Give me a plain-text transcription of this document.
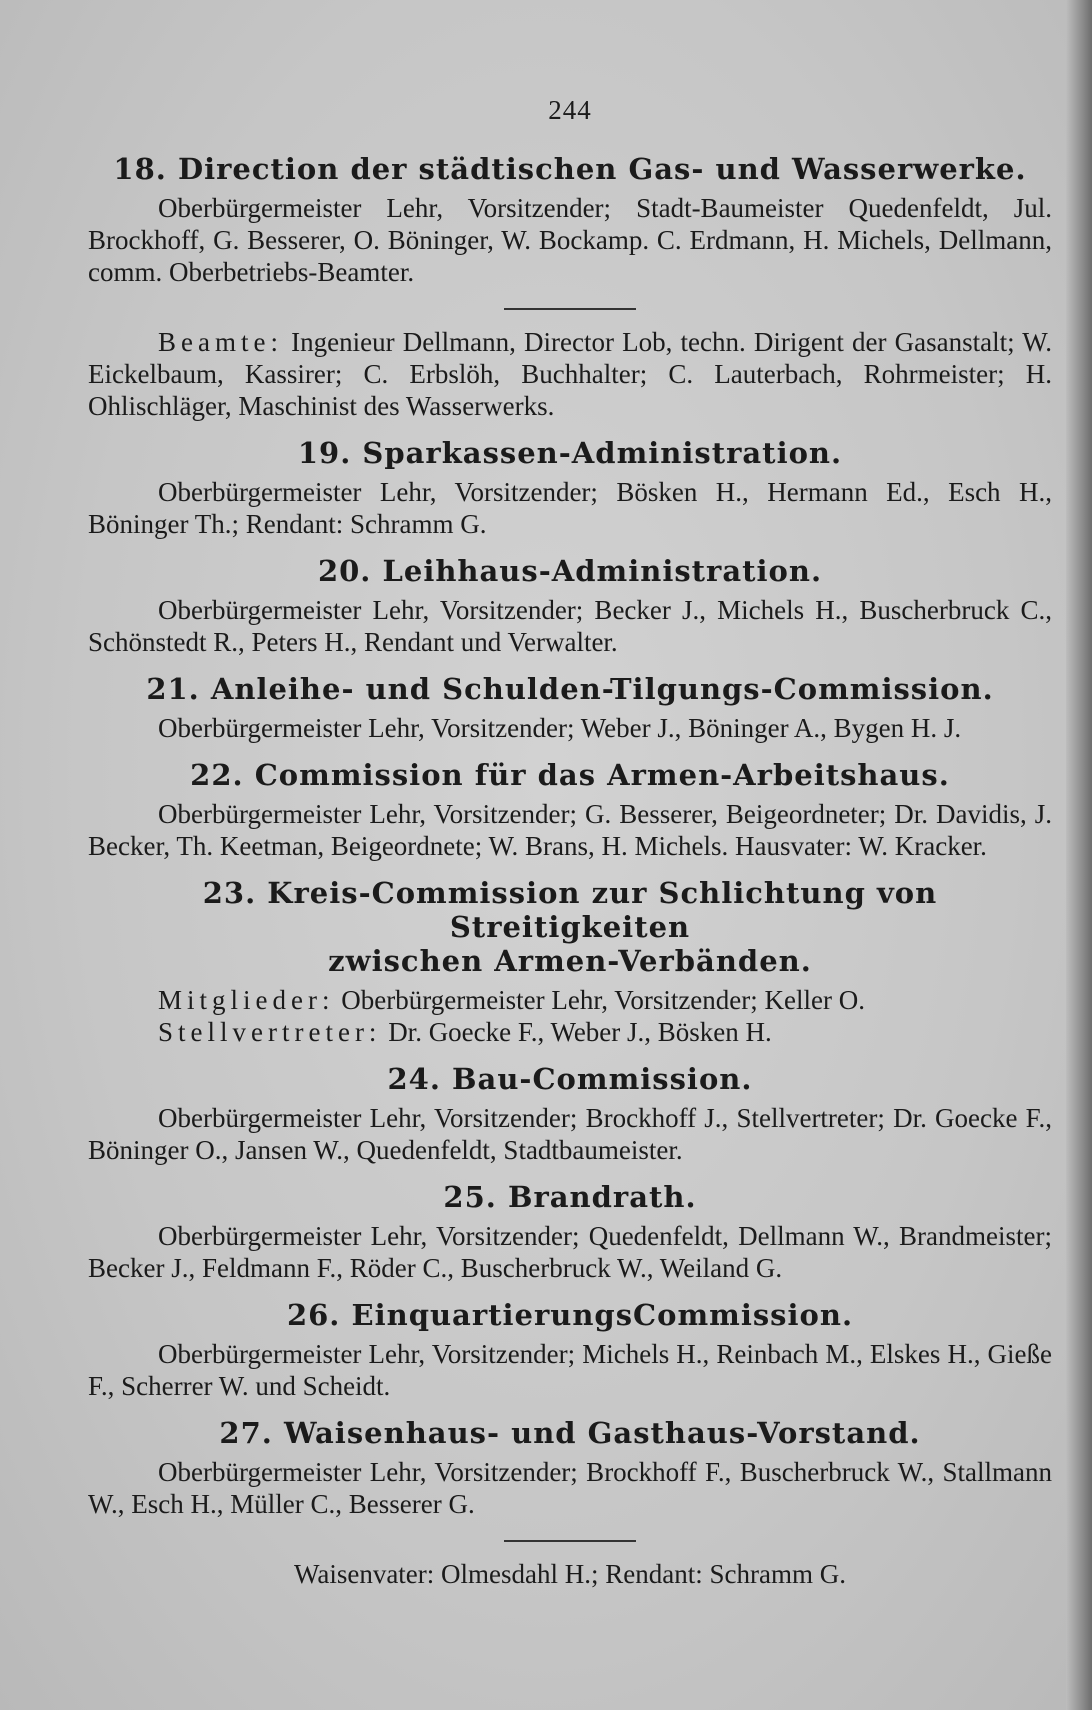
244
18. Direction der städtischen Gas- und Wasserwerke.

Oberbürgermeister Lehr, Vorsitzender; Stadt-Baumeister Quedenfeldt, Jul. Brockhoff, G. Besserer, O. Böninger, W. Bockamp. C. Erdmann, H. Michels, Dellmann, comm. Oberbetriebs-Beamter.

Beamte: Ingenieur Dellmann, Director Lob, techn. Dirigent der Gasanstalt; W. Eickelbaum, Kassirer; C. Erbslöh, Buchhalter; C. Lauterbach, Rohrmeister; H. Ohlischläger, Maschinist des Wasserwerks.

19. Sparkassen-Administration.

Oberbürgermeister Lehr, Vorsitzender; Bösken H., Hermann Ed., Esch H., Böninger Th.; Rendant: Schramm G.

20. Leihhaus-Administration.

Oberbürgermeister Lehr, Vorsitzender; Becker J., Michels H., Buscherbruck C., Schönstedt R., Peters H., Rendant und Verwalter.

21. Anleihe- und Schulden-Tilgungs-Commission.

Oberbürgermeister Lehr, Vorsitzender; Weber J., Böninger A., Bygen H. J.

22. Commission für das Armen-Arbeitshaus.

Oberbürgermeister Lehr, Vorsitzender; G. Besserer, Beigeordneter; Dr. Davidis, J. Becker, Th. Keetman, Beigeordnete; W. Brans, H. Michels. Hausvater: W. Kracker.

23. Kreis-Commission zur Schlichtung von Streitigkeiten
zwischen Armen-Verbänden.

Mitglieder: Oberbürgermeister Lehr, Vorsitzender; Keller O.

Stellvertreter: Dr. Goecke F., Weber J., Bösken H.

24. Bau-Commission.

Oberbürgermeister Lehr, Vorsitzender; Brockhoff J., Stellvertreter; Dr. Goecke F., Böninger O., Jansen W., Quedenfeldt, Stadtbaumeister.

25. Brandrath.

Oberbürgermeister Lehr, Vorsitzender; Quedenfeldt, Dellmann W., Brandmeister; Becker J., Feldmann F., Röder C., Buscherbruck W., Weiland G.

26. EinquartierungsCommission.

Oberbürgermeister Lehr, Vorsitzender; Michels H., Reinbach M., Elskes H., Gieße F., Scherrer W. und Scheidt.

27. Waisenhaus- und Gasthaus-Vorstand.

Oberbürgermeister Lehr, Vorsitzender; Brockhoff F., Buscherbruck W., Stallmann W., Esch H., Müller C., Besserer G.

Waisenvater: Olmesdahl H.; Rendant: Schramm G.
